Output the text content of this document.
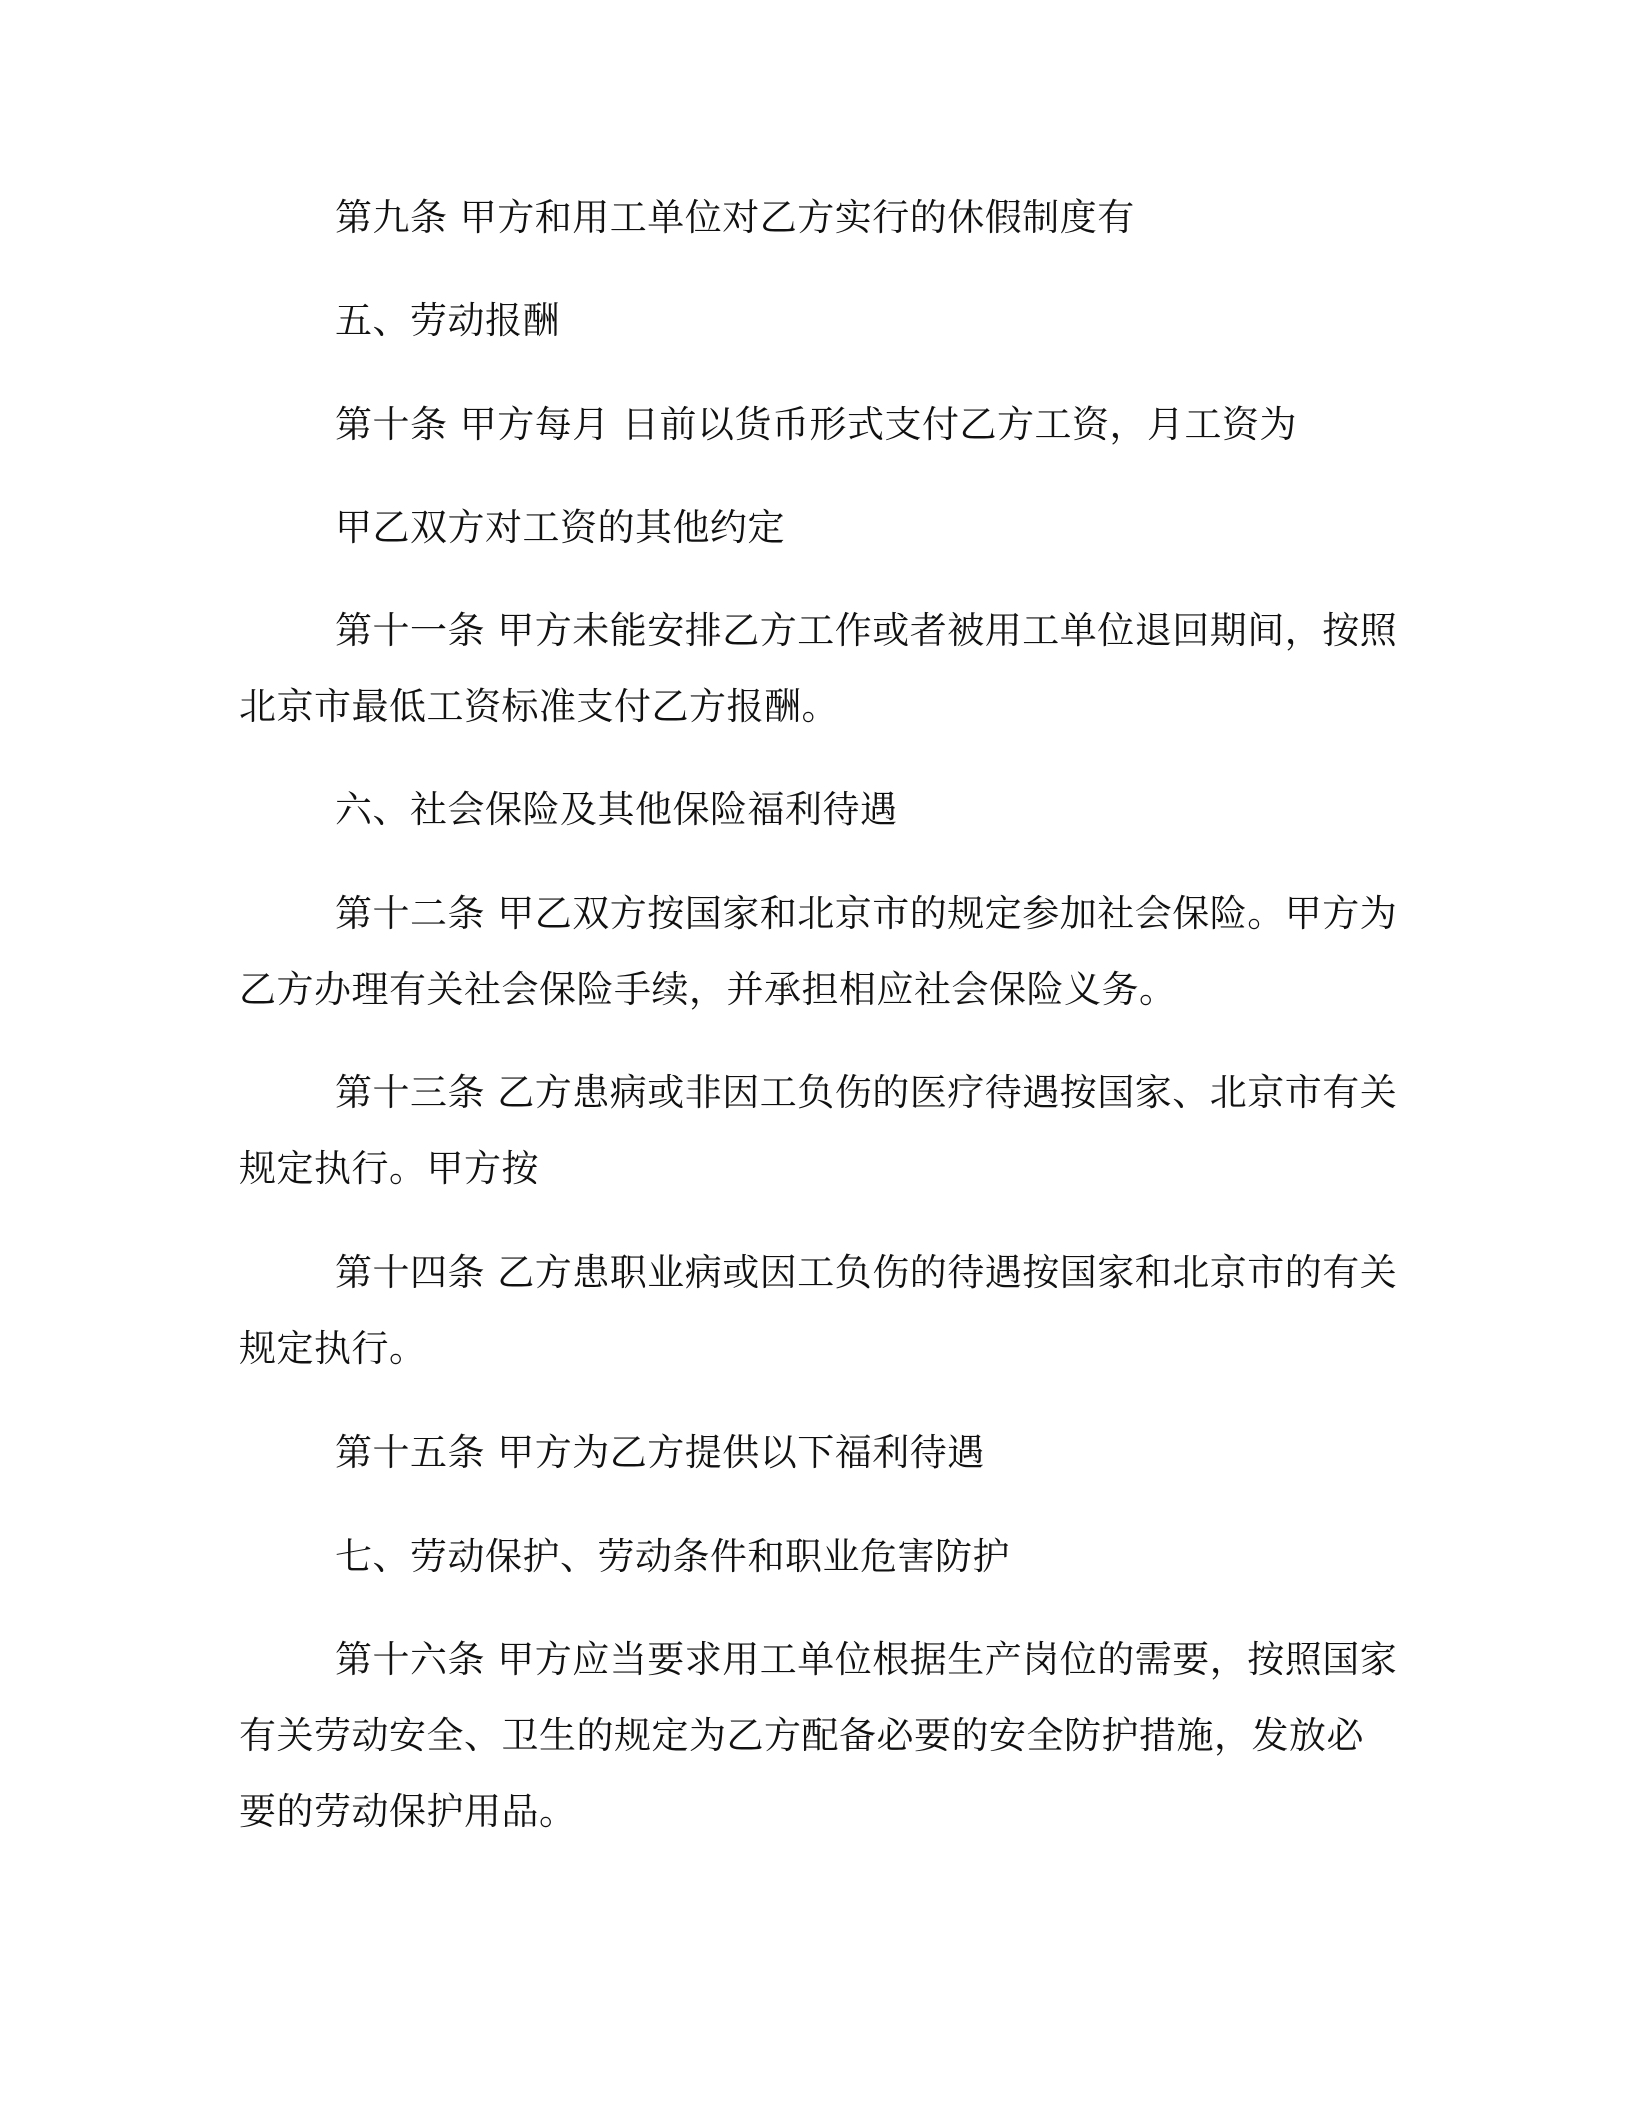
第九条 甲方和用工单位对乙方实行的休假制度有

五、劳动报酬

第十条 甲方每月 日前以货币形式支付乙方工资，月工资为

甲乙双方对工资的其他约定

第十一条 甲方未能安排乙方工作或者被用工单位退回期间，按照北京市最低工资标准支付乙方报酬。

六、社会保险及其他保险福利待遇

第十二条 甲乙双方按国家和北京市的规定参加社会保险。甲方为乙方办理有关社会保险手续，并承担相应社会保险义务。

第十三条 乙方患病或非因工负伤的医疗待遇按国家、北京市有关规定执行。甲方按

第十四条 乙方患职业病或因工负伤的待遇按国家和北京市的有关规定执行。

第十五条 甲方为乙方提供以下福利待遇

七、劳动保护、劳动条件和职业危害防护

第十六条 甲方应当要求用工单位根据生产岗位的需要，按照国家有关劳动安全、卫生的规定为乙方配备必要的安全防护措施，发放必要的劳动保护用品。
